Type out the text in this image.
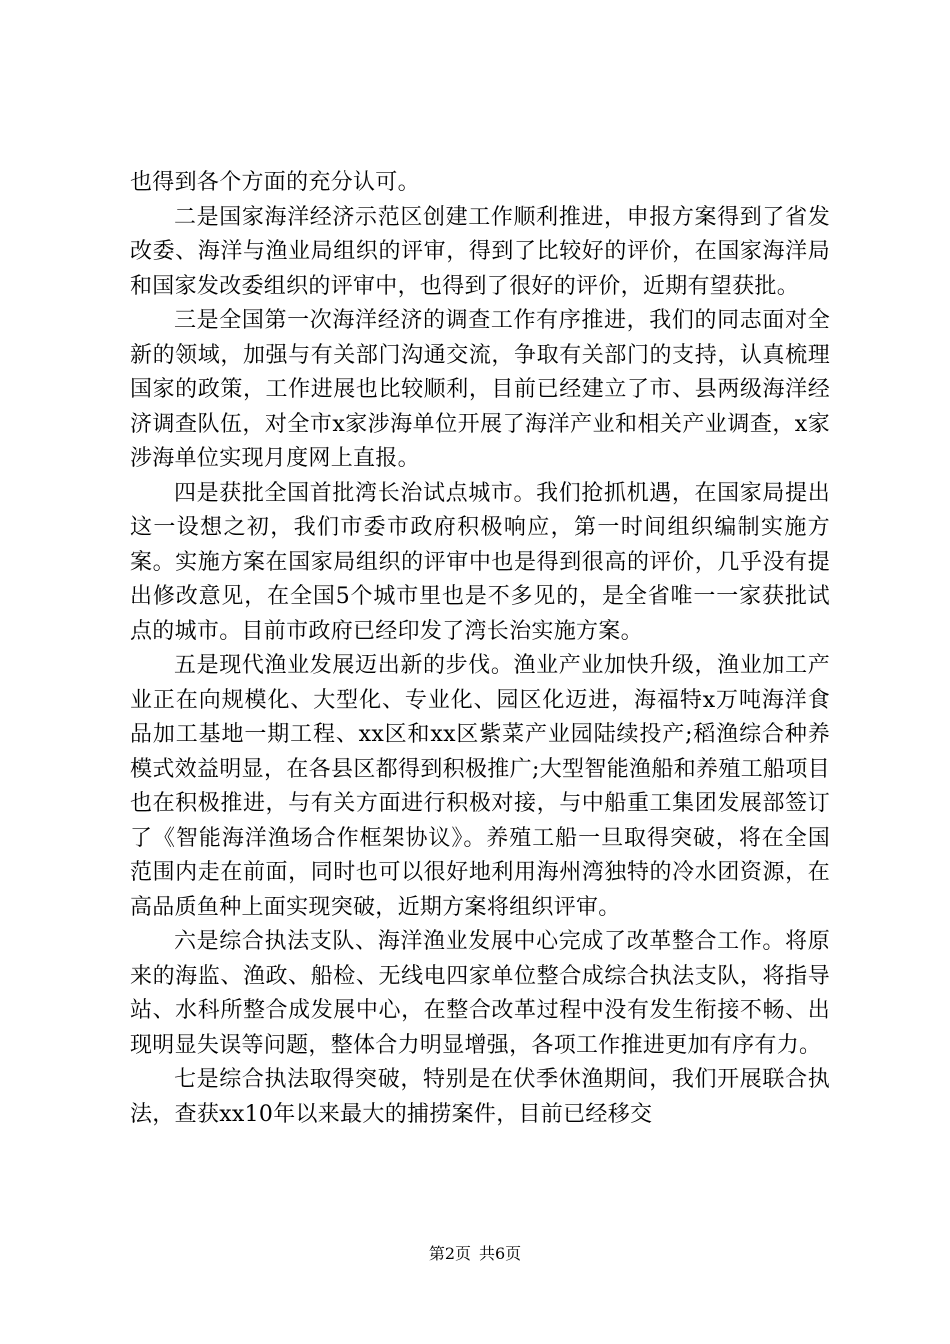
也得到各个方面的充分认可。

二是国家海洋经济示范区创建工作顺利推进，申报方案得到了省发改委、海洋与渔业局组织的评审，得到了比较好的评价，在国家海洋局和国家发改委组织的评审中，也得到了很好的评价，近期有望获批。

三是全国第一次海洋经济的调查工作有序推进，我们的同志面对全新的领域，加强与有关部门沟通交流，争取有关部门的支持，认真梳理国家的政策，工作进展也比较顺利，目前已经建立了市、县两级海洋经济调查队伍，对全市x家涉海单位开展了海洋产业和相关产业调查，x家涉海单位实现月度网上直报。

四是获批全国首批湾长治试点城市。我们抢抓机遇，在国家局提出这一设想之初，我们市委市政府积极响应，第一时间组织编制实施方案。实施方案在国家局组织的评审中也是得到很高的评价，几乎没有提出修改意见，在全国5个城市里也是不多见的，是全省唯一一家获批试点的城市。目前市政府已经印发了湾长治实施方案。

五是现代渔业发展迈出新的步伐。渔业产业加快升级，渔业加工产业正在向规模化、大型化、专业化、园区化迈进，海福特x万吨海洋食品加工基地一期工程、xx区和xx区紫菜产业园陆续投产;稻渔综合种养模式效益明显，在各县区都得到积极推广;大型智能渔船和养殖工船项目也在积极推进，与有关方面进行积极对接，与中船重工集团发展部签订了《智能海洋渔场合作框架协议》。养殖工船一旦取得突破，将在全国范围内走在前面，同时也可以很好地利用海州湾独特的冷水团资源，在高品质鱼种上面实现突破，近期方案将组织评审。

六是综合执法支队、海洋渔业发展中心完成了改革整合工作。将原来的海监、渔政、船检、无线电四家单位整合成综合执法支队，将指导站、水科所整合成发展中心，在整合改革过程中没有发生衔接不畅、出现明显失误等问题，整体合力明显增强，各项工作推进更加有序有力。

七是综合执法取得突破，特别是在伏季休渔期间，我们开展联合执法，查获xx10年以来最大的捕捞案件，目前已经移交

第2页 共6页
